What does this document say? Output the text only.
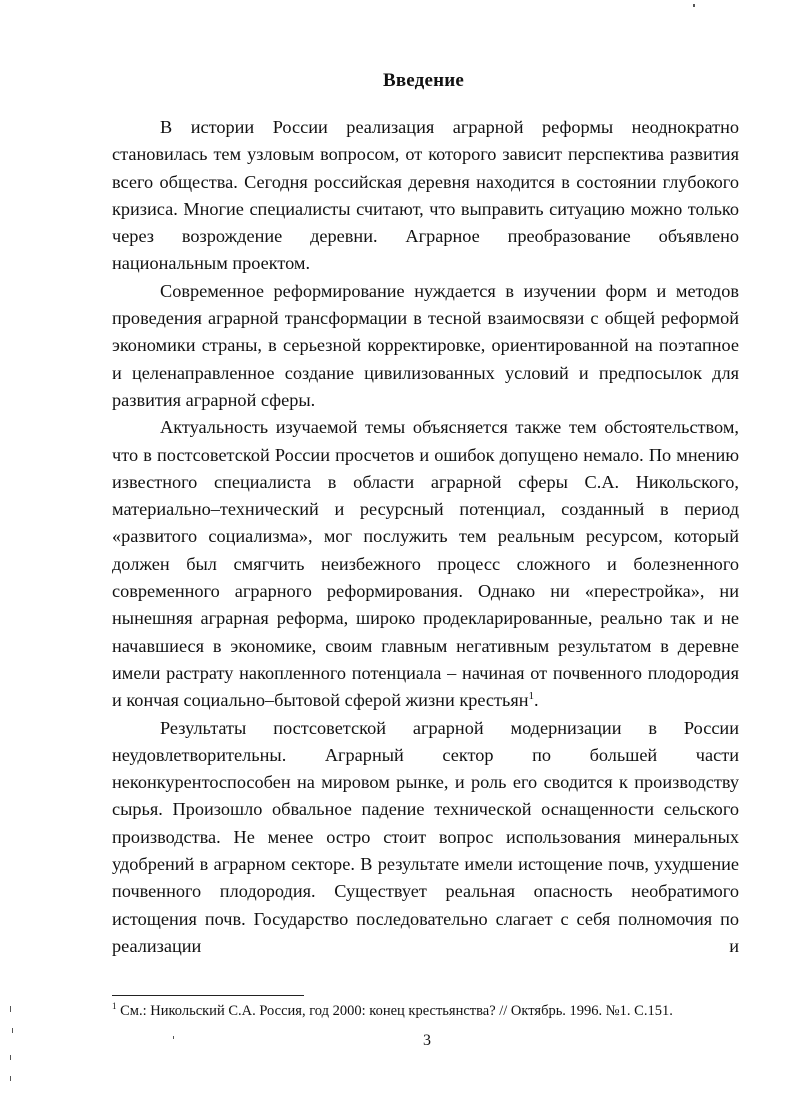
Введение

В истории России реализация аграрной реформы неоднократно становилась тем узловым вопросом, от которого зависит перспектива развития всего общества. Сегодня российская деревня находится в состоянии глубокого кризиса. Многие специалисты считают, что выправить ситуацию можно только через возрождение деревни. Аграрное преобразование объявлено национальным проектом.

Современное реформирование нуждается в изучении форм и методов проведения аграрной трансформации в тесной взаимосвязи с общей реформой экономики страны, в серьезной корректировке, ориентированной на поэтапное и целенаправленное создание цивилизованных условий и предпосылок для развития аграрной сферы.

Актуальность изучаемой темы объясняется также тем обстоятельством, что в постсоветской России просчетов и ошибок допущено немало. По мнению известного специалиста в области аграрной сферы С.А. Никольского, материально–технический и ресурсный потенциал, созданный в период «развитого социализма», мог послужить тем реальным ресурсом, который должен был смягчить неизбежного процесс сложного и болезненного современного аграрного реформирования. Однако ни «перестройка», ни нынешняя аграрная реформа, широко продекларированные, реально так и не начавшиеся в экономике, своим главным негативным результатом в деревне имели растрату накопленного потенциала – начиная от почвенного плодородия и кончая социально–бытовой сферой жизни крестьян$^1$.

Результаты постсоветской аграрной модернизации в России неудовлетворительны. Аграрный сектор по большей части неконкурентоспособен на мировом рынке, и роль его сводится к производству сырья. Произошло обвальное падение технической оснащенности сельского производства. Не менее остро стоит вопрос использования минеральных удобрений в аграрном секторе. В результате имели истощение почв, ухудшение почвенного плодородия. Существует реальная опасность необратимого истощения почв. Государство последовательно слагает с себя полномочия по реализации и

$^1$ См.: Никольский С.А. Россия, год 2000: конец крестьянства? // Октябрь. 1996. №1. С.151.
3
